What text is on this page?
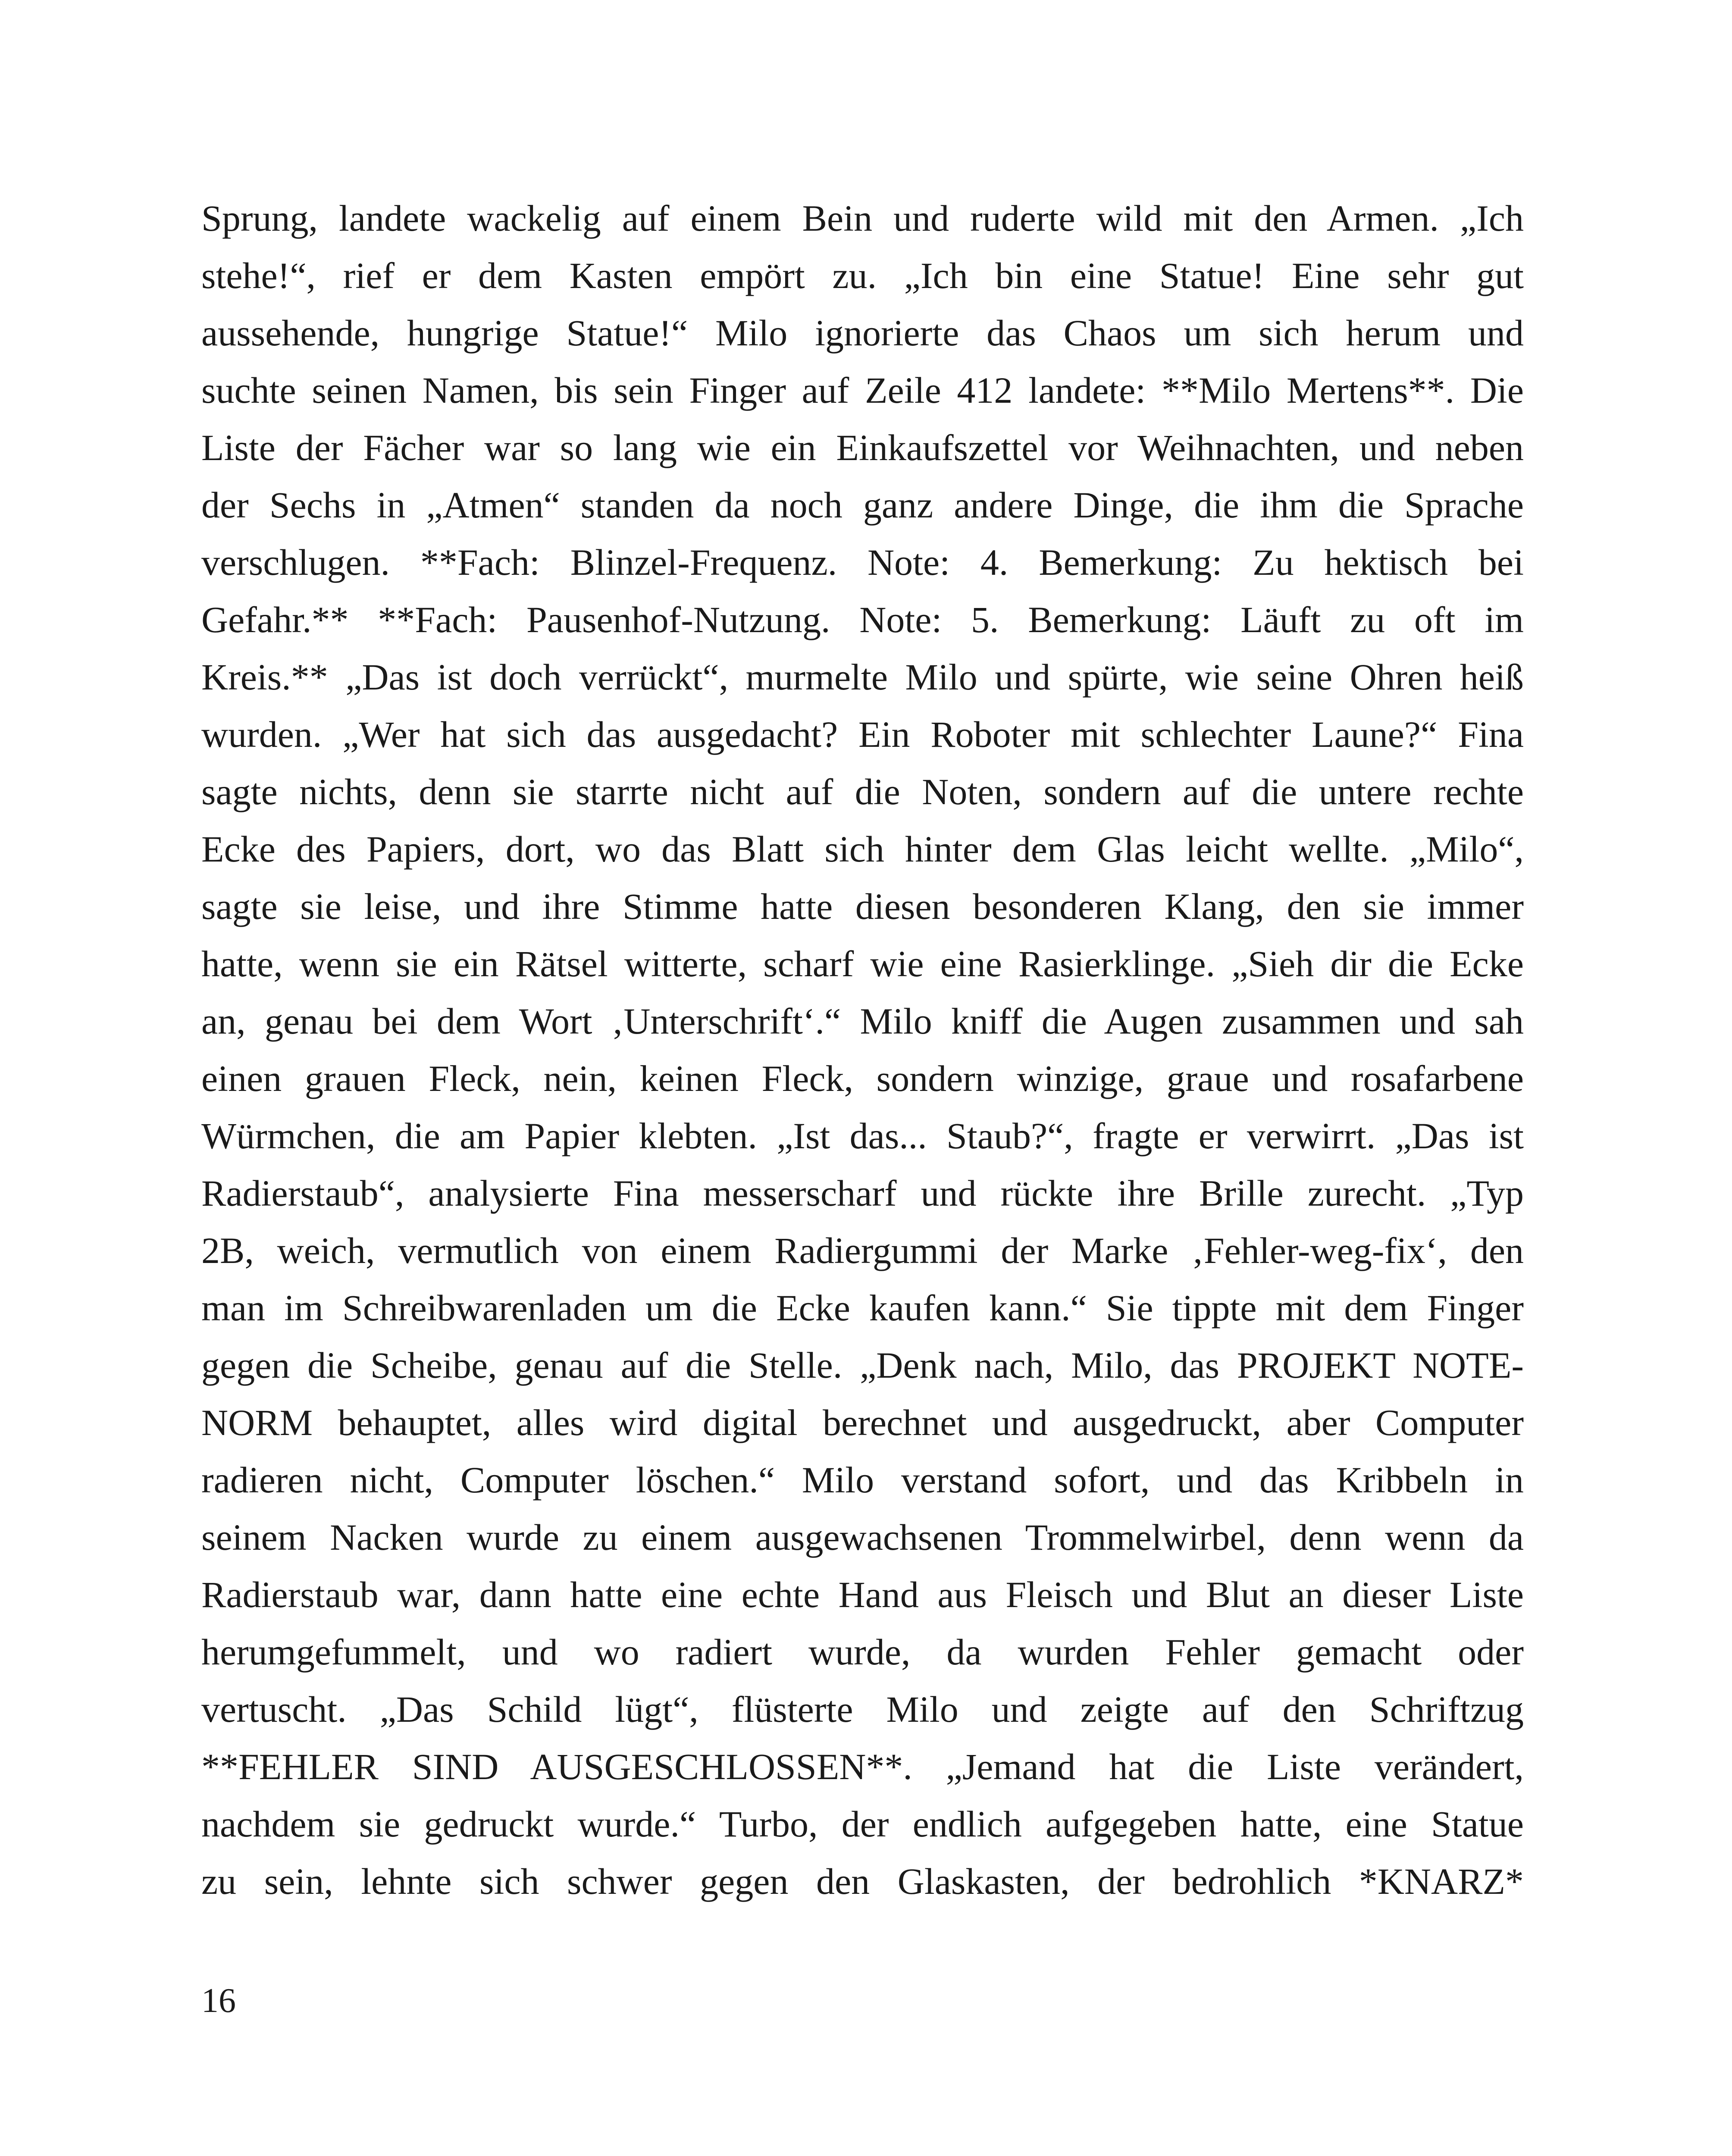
Sprung, landete wackelig auf einem Bein und ruderte wild mit den Armen. „Ich
stehe!“, rief er dem Kasten empört zu. „Ich bin eine Statue! Eine sehr gut
aussehende, hungrige Statue!“ Milo ignorierte das Chaos um sich herum und
suchte seinen Namen, bis sein Finger auf Zeile 412 landete: **Milo Mertens**. Die
Liste der Fächer war so lang wie ein Einkaufszettel vor Weihnachten, und neben
der Sechs in „Atmen“ standen da noch ganz andere Dinge, die ihm die Sprache
verschlugen. **Fach: Blinzel-Frequenz. Note: 4. Bemerkung: Zu hektisch bei
Gefahr.** **Fach: Pausenhof-Nutzung. Note: 5. Bemerkung: Läuft zu oft im
Kreis.** „Das ist doch verrückt“, murmelte Milo und spürte, wie seine Ohren heiß
wurden. „Wer hat sich das ausgedacht? Ein Roboter mit schlechter Laune?“ Fina
sagte nichts, denn sie starrte nicht auf die Noten, sondern auf die untere rechte
Ecke des Papiers, dort, wo das Blatt sich hinter dem Glas leicht wellte. „Milo“,
sagte sie leise, und ihre Stimme hatte diesen besonderen Klang, den sie immer
hatte, wenn sie ein Rätsel witterte, scharf wie eine Rasierklinge. „Sieh dir die Ecke
an, genau bei dem Wort ‚Unterschrift‘.“ Milo kniff die Augen zusammen und sah
einen grauen Fleck, nein, keinen Fleck, sondern winzige, graue und rosafarbene
Würmchen, die am Papier klebten. „Ist das... Staub?“, fragte er verwirrt. „Das ist
Radierstaub“, analysierte Fina messerscharf und rückte ihre Brille zurecht. „Typ
2B, weich, vermutlich von einem Radiergummi der Marke ‚Fehler-weg-fix‘, den
man im Schreibwarenladen um die Ecke kaufen kann.“ Sie tippte mit dem Finger
gegen die Scheibe, genau auf die Stelle. „Denk nach, Milo, das PROJEKT NOTE-
NORM behauptet, alles wird digital berechnet und ausgedruckt, aber Computer
radieren nicht, Computer löschen.“ Milo verstand sofort, und das Kribbeln in
seinem Nacken wurde zu einem ausgewachsenen Trommelwirbel, denn wenn da
Radierstaub war, dann hatte eine echte Hand aus Fleisch und Blut an dieser Liste
herumgefummelt, und wo radiert wurde, da wurden Fehler gemacht oder
vertuscht. „Das Schild lügt“, flüsterte Milo und zeigte auf den Schriftzug
**FEHLER SIND AUSGESCHLOSSEN**. „Jemand hat die Liste verändert,
nachdem sie gedruckt wurde.“ Turbo, der endlich aufgegeben hatte, eine Statue
zu sein, lehnte sich schwer gegen den Glaskasten, der bedrohlich *KNARZ*
16
